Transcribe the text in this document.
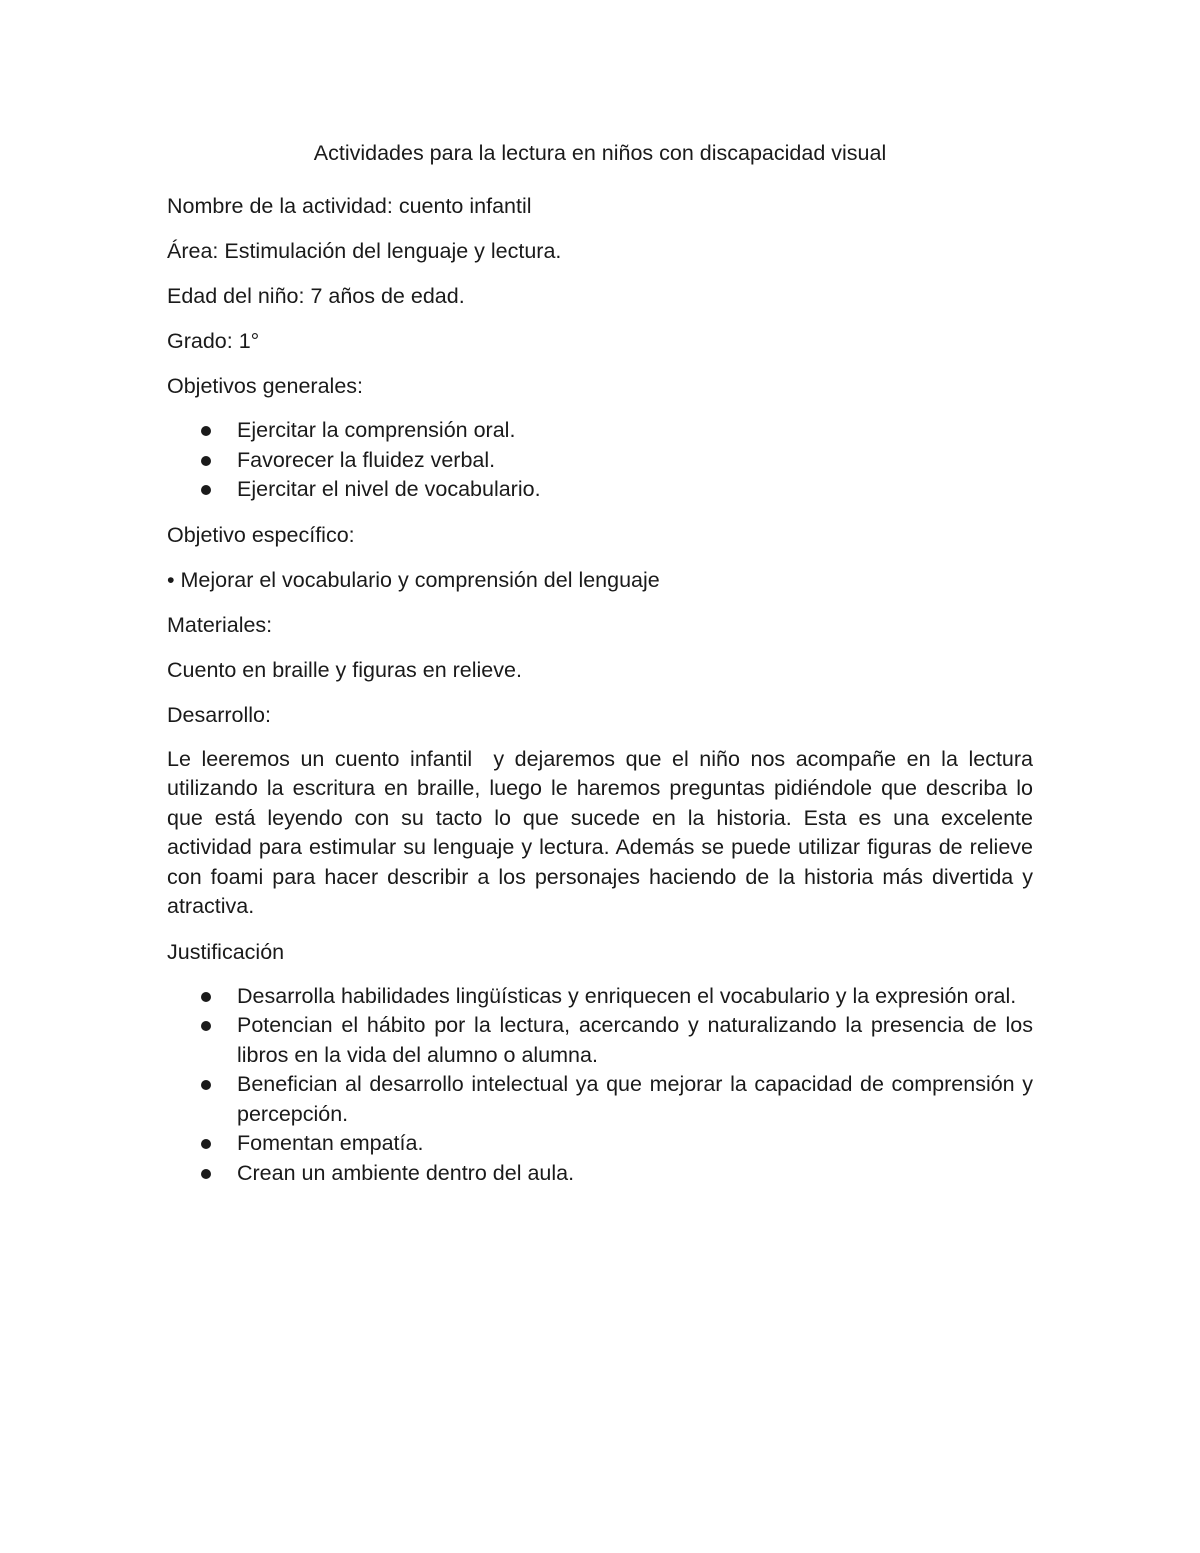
Actividades para la lectura en niños con discapacidad visual

Nombre de la actividad: cuento infantil

Área: Estimulación del lenguaje y lectura.

Edad del niño: 7 años de edad.

Grado: 1°

Objetivos generales:

Ejercitar la comprensión oral.
Favorecer la fluidez verbal.
Ejercitar el nivel de vocabulario.

Objetivo específico:

• Mejorar el vocabulario y comprensión del lenguaje

Materiales:

Cuento en braille y figuras en relieve.

Desarrollo:

Le leeremos un cuento infantil  y dejaremos que el niño nos acompañe en la lectura utilizando la escritura en braille, luego le haremos preguntas pidiéndole que describa lo que está leyendo con su tacto lo que sucede en la historia. Esta es una excelente actividad para estimular su lenguaje y lectura. Además se puede utilizar figuras de relieve con foami para hacer describir a los personajes haciendo de la historia más divertida y atractiva.

Justificación

Desarrolla habilidades lingüísticas y enriquecen el vocabulario y la expresión oral.
Potencian el hábito por la lectura, acercando y naturalizando la presencia de los libros en la vida del alumno o alumna.
Benefician al desarrollo intelectual ya que mejorar la capacidad de comprensión y percepción.
Fomentan empatía.
Crean un ambiente dentro del aula.
